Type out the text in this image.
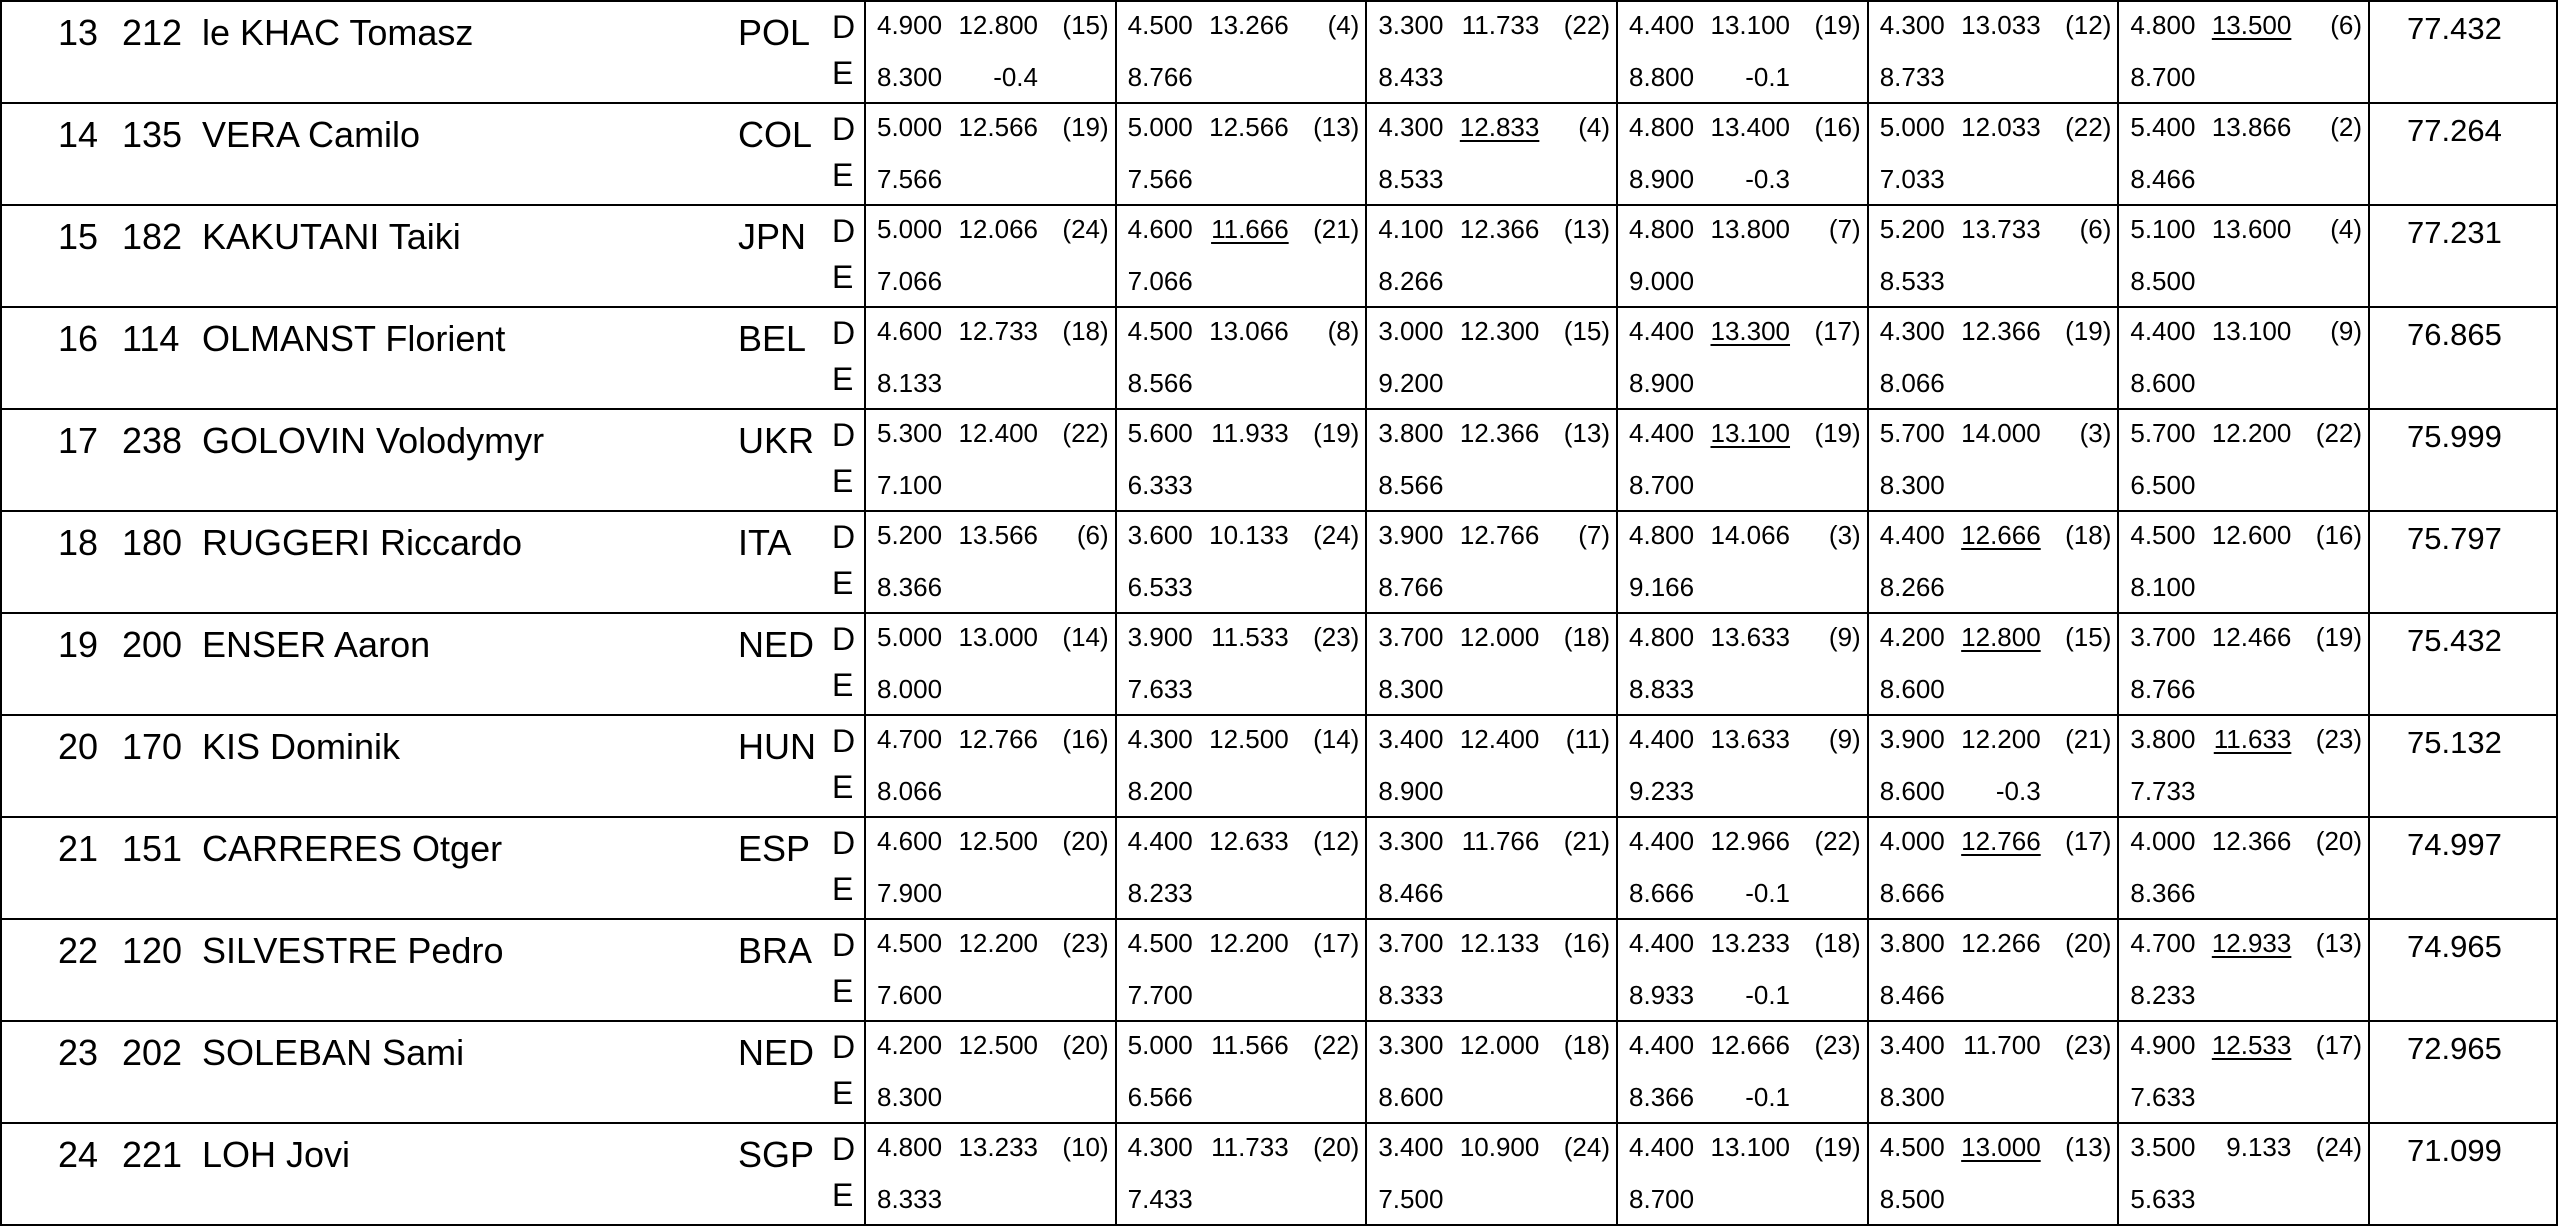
13 212 le KHAC Tomasz	POL D
E
4.900 12.800 (15)
8.300	-0.4
4.500 13.266 (4)
8.766
3.300 11.733 (22)
8.433
4.400 13.100 (19)
8.800	-0.1
4.300 13.033 (12)
8.733
4.800 13.500 (6)
8.700
77.432
14 135 VERA Camilo	COL D
E
5.000 12.566 (19)
7.566
5.000 12.566 (13)
7.566
4.300 12.833 (4)
8.533
4.800 13.400 (16)
8.900	-0.3
5.000 12.033 (22)
7.033
5.400 13.866 (2)
8.466
77.264
15 182 KAKUTANI Taiki	JPN D
E
5.000 12.066 (24)
7.066
4.600 11.666 (21)
7.066
4.100 12.366 (13)
8.266
4.800 13.800 (7)
9.000
5.200 13.733 (6)
8.533
5.100 13.600 (4)
8.500
77.231
16 114 OLMANST Florient	BEL D
E
4.600 12.733 (18)
8.133
4.500 13.066 (8)
8.566
3.000 12.300 (15)
9.200
4.400 13.300 (17)
8.900
4.300 12.366 (19)
8.066
4.400 13.100 (9)
8.600
76.865
17 238 GOLOVIN Volodymyr	UKR D
E
5.300 12.400 (22)
7.100
5.600 11.933 (19)
6.333
3.800 12.366 (13)
8.566
4.400 13.100 (19)
8.700
5.700 14.000 (3)
8.300
5.700 12.200 (22)
6.500
75.999
18 180 RUGGERI Riccardo	ITA D
E
5.200 13.566 (6)
8.366
3.600 10.133 (24)
6.533
3.900 12.766 (7)
8.766
4.800 14.066 (3)
9.166
4.400 12.666 (18)
8.266
4.500 12.600 (16)
8.100
75.797
19 200 ENSER Aaron	NED D
E
5.000 13.000 (14)
8.000
3.900 11.533 (23)
7.633
3.700 12.000 (18)
8.300
4.800 13.633 (9)
8.833
4.200 12.800 (15)
8.600
3.700 12.466 (19)
8.766
75.432
20 170 KIS Dominik	HUN D
E
4.700 12.766 (16)
8.066
4.300 12.500 (14)
8.200
3.400 12.400 (11)
8.900
4.400 13.633 (9)
9.233
3.900 12.200 (21)
8.600	-0.3
3.800 11.633 (23)
7.733
75.132
21 151 CARRERES Otger	ESP D
E
4.600 12.500 (20)
7.900
4.400 12.633 (12)
8.233
3.300 11.766 (21)
8.466
4.400 12.966 (22)
8.666	-0.1
4.000 12.766 (17)
8.666
4.000 12.366 (20)
8.366
74.997
22 120 SILVESTRE Pedro	BRA D
E
4.500 12.200 (23)
7.600
4.500 12.200 (17)
7.700
3.700 12.133 (16)
8.333
4.400 13.233 (18)
8.933	-0.1
3.800 12.266 (20)
8.466
4.700 12.933 (13)
8.233
74.965
23 202 SOLEBAN Sami	NED D
E
4.200 12.500 (20)
8.300
5.000 11.566 (22)
6.566
3.300 12.000 (18)
8.600
4.400 12.666 (23)
8.366	-0.1
3.400 11.700 (23)
8.300
4.900 12.533 (17)
7.633
72.965
24 221 LOH Jovi	SGP D
E
4.800 13.233 (10)
8.333
4.300 11.733 (20)
7.433
3.400 10.900 (24)
7.500
4.400 13.100 (19)
8.700
4.500 13.000 (13)
8.500
3.500	9.133 (24)
5.633
71.099
